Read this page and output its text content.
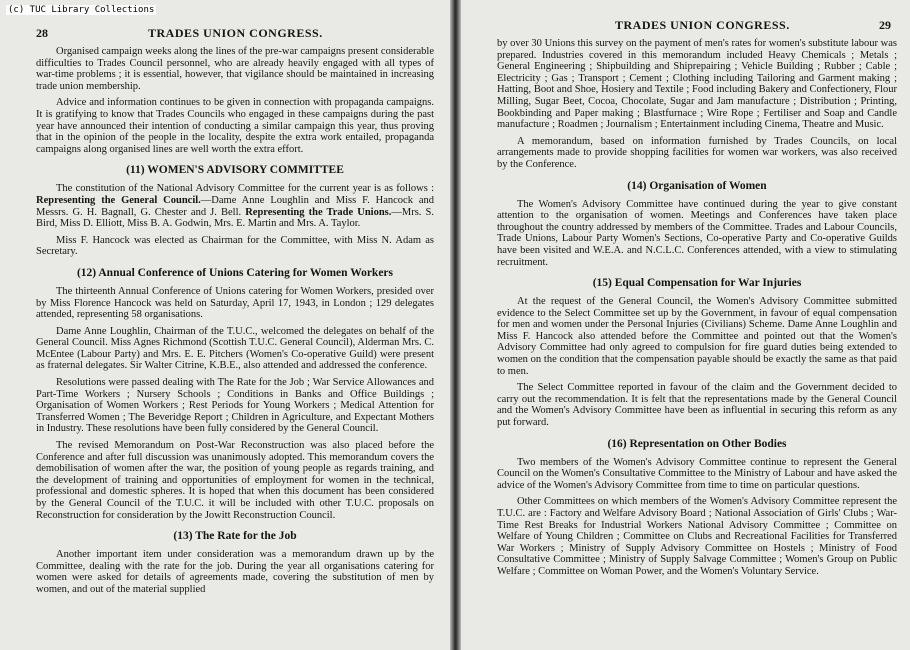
(c) TUC Library Collections
28	TRADES UNION CONGRESS.

Organised campaign weeks along the lines of the pre-war campaigns present considerable difficulties to Trades Council personnel, who are already heavily engaged with all types of war-time problems ; it is essential, however, that vigilance should be maintained in increasing trade union membership.

Advice and information continues to be given in connection with propaganda campaigns. It is gratifying to know that Trades Councils who engaged in these campaigns during the past year have announced their intention of conducting a similar campaign this year, thus proving that in the opinion of the people in the locality, despite the extra work entailed, propaganda campaigns along organised lines are well worth the extra effort.

(11) WOMEN'S ADVISORY COMMITTEE

The constitution of the National Advisory Committee for the current year is as follows : Representing the General Council.—Dame Anne Loughlin and Miss F. Hancock and Messrs. G. H. Bagnall, G. Chester and J. Bell. Representing the Trade Unions.—Mrs. S. Bird, Miss D. Elliott, Miss B. A. Godwin, Mrs. E. Martin and Mrs. A. Taylor.

Miss F. Hancock was elected as Chairman for the Committee, with Miss N. Adam as Secretary.

(12) Annual Conference of Unions Catering for Women Workers

The thirteenth Annual Conference of Unions catering for Women Workers, presided over by Miss Florence Hancock was held on Saturday, April 17, 1943, in London ; 129 delegates attended, representing 58 organisations.

Dame Anne Loughlin, Chairman of the T.U.C., welcomed the delegates on behalf of the General Council. Miss Agnes Richmond (Scottish T.U.C. General Council), Alderman Mrs. C. McEntee (Labour Party) and Mrs. E. E. Pitchers (Women's Co-operative Guild) were present as fraternal delegates. Sir Walter Citrine, K.B.E., also attended and addressed the conference.

Resolutions were passed dealing with The Rate for the Job ; War Service Allowances and Part-Time Workers ; Nursery Schools ; Conditions in Banks and Office Buildings ; Organisation of Women Workers ; Rest Periods for Young Workers ; Medical Attention for Transferred Women ; The Beveridge Report ; Children in Agriculture, and Expectant Mothers in Industry. These resolutions have been fully considered by the General Council.

The revised Memorandum on Post-War Reconstruction was also placed before the Conference and after full discussion was unanimously adopted. This memorandum covers the demobilisation of women after the war, the position of young people as regards training, and the development of training and opportunities of employment for women in the technical, professional and domestic spheres. It is hoped that when this document has been considered by the General Council of the T.U.C. it will be included with other T.U.C. proposals on Reconstruction for consideration by the Jowitt Reconstruction Council.

(13) The Rate for the Job

Another important item under consideration was a memorandum drawn up by the Committee, dealing with the rate for the job. During the year all organisations catering for women were asked for details of agreements made, covering the substitution of men by women, and out of the material supplied

TRADES UNION CONGRESS.	29

by over 30 Unions this survey on the payment of men's rates for women's substitute labour was prepared. Industries covered in this memorandum included Heavy Chemicals ; Metals ; General Engineering ; Shipbuilding and Shiprepairing ; Vehicle Building ; Rubber ; Cable ; Electricity ; Gas ; Transport ; Cement ; Clothing including Tailoring and Garment making ; Hatting, Boot and Shoe, Hosiery and Textile ; Food including Bakery and Confectionery, Flour Milling, Sugar Beet, Cocoa, Chocolate, Sugar and Jam manufacture ; Distribution ; Printing, Bookbinding and Paper making ; Blastfurnace ; Wire Rope ; Fertiliser and Soap and Candle manufacture ; Roadmen ; Journalism ; Entertainment including Cinema, Theatre and Music.

A memorandum, based on information furnished by Trades Councils, on local arrangements made to provide shopping facilities for women war workers, was also received by the Conference.

(14) Organisation of Women

The Women's Advisory Committee have continued during the year to give constant attention to the organisation of women. Meetings and Conferences have taken place throughout the country addressed by members of the Committee. Trades and Labour Councils, Trade Unions, Labour Party Women's Sections, Co-operative Party and Co-operative Guilds have been visited and W.E.A. and N.C.L.C. Conferences attended, with a view to stimulating recruitment.

(15) Equal Compensation for War Injuries

At the request of the General Council, the Women's Advisory Committee submitted evidence to the Select Committee set up by the Government, in favour of equal compensation for men and women under the Personal Injuries (Civilians) Scheme. Dame Anne Loughlin and Miss F. Hancock also attended before the Committee and pointed out that the Women's Advisory Committee had only agreed to compulsion for fire guard duties being extended to women on the condition that the compensation payable should be exactly the same as that paid to men.

The Select Committee reported in favour of the claim and the Government decided to carry out the recommendation. It is felt that the representations made by the General Council and the Women's Advisory Committee have been as influential in securing this reform as any put forward.

(16) Representation on Other Bodies

Two members of the Women's Advisory Committee continue to represent the General Council on the Women's Consultative Committee to the Ministry of Labour and have asked the advice of the Women's Advisory Committee from time to time on particular questions.

Other Committees on which members of the Women's Advisory Committee represent the T.U.C. are : Factory and Welfare Advisory Board ; National Association of Girls' Clubs ; War-Time Rest Breaks for Industrial Workers National Advisory Committee ; Committee on Welfare of Young Children ; Committee on Clubs and Recreational Facilities for Transferred War Workers ; Ministry of Supply Advisory Committee on Hostels ; Ministry of Food Consultative Committee ; Ministry of Supply Salvage Committee ; Women's Group on Public Welfare ; Committee on Woman Power, and the Women's Voluntary Service.
